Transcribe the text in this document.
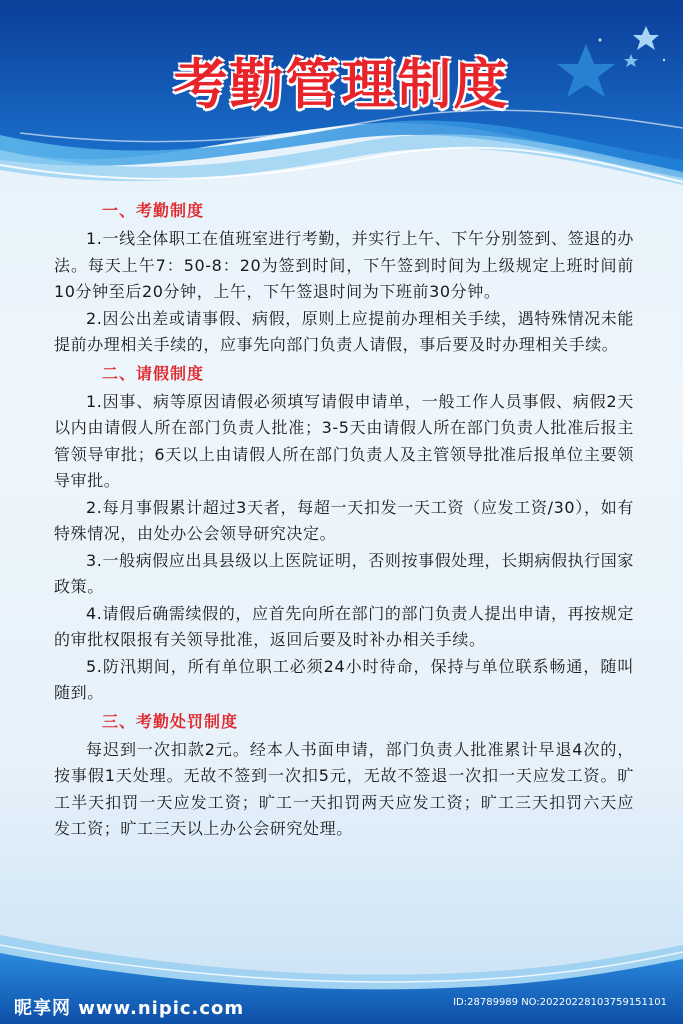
考勤管理制度

一、考勤制度

1.一线全体职工在值班室进行考勤，并实行上午、下午分别签到、签退的办法。每天上午7：50-8：20为签到时间，下午签到时间为上级规定上班时间前10分钟至后20分钟，上午，下午签退时间为下班前30分钟。

2.因公出差或请事假、病假，原则上应提前办理相关手续，遇特殊情况未能提前办理相关手续的，应事先向部门负责人请假，事后要及时办理相关手续。

二、请假制度

1.因事、病等原因请假必须填写请假申请单，一般工作人员事假、病假2天以内由请假人所在部门负责人批准；3-5天由请假人所在部门负责人批准后报主管领导审批；6天以上由请假人所在部门负责人及主管领导批准后报单位主要领导审批。

2.每月事假累计超过3天者，每超一天扣发一天工资（应发工资/30），如有特殊情况，由处办公会领导研究决定。

3.一般病假应出具县级以上医院证明，否则按事假处理，长期病假执行国家政策。

4.请假后确需续假的，应首先向所在部门的部门负责人提出申请，再按规定的审批权限报有关领导批准，返回后要及时补办相关手续。

5.防汛期间，所有单位职工必须24小时待命，保持与单位联系畅通，随叫随到。

三、考勤处罚制度

每迟到一次扣款2元。经本人书面申请，部门负责人批准累计早退4次的，按事假1天处理。无故不签到一次扣5元，无故不签退一次扣一天应发工资。旷工半天扣罚一天应发工资；旷工一天扣罚两天应发工资；旷工三天扣罚六天应发工资；旷工三天以上办公会研究处理。

昵享网 www.nipic.com	ID:28789989 NO:20220228103759151101
